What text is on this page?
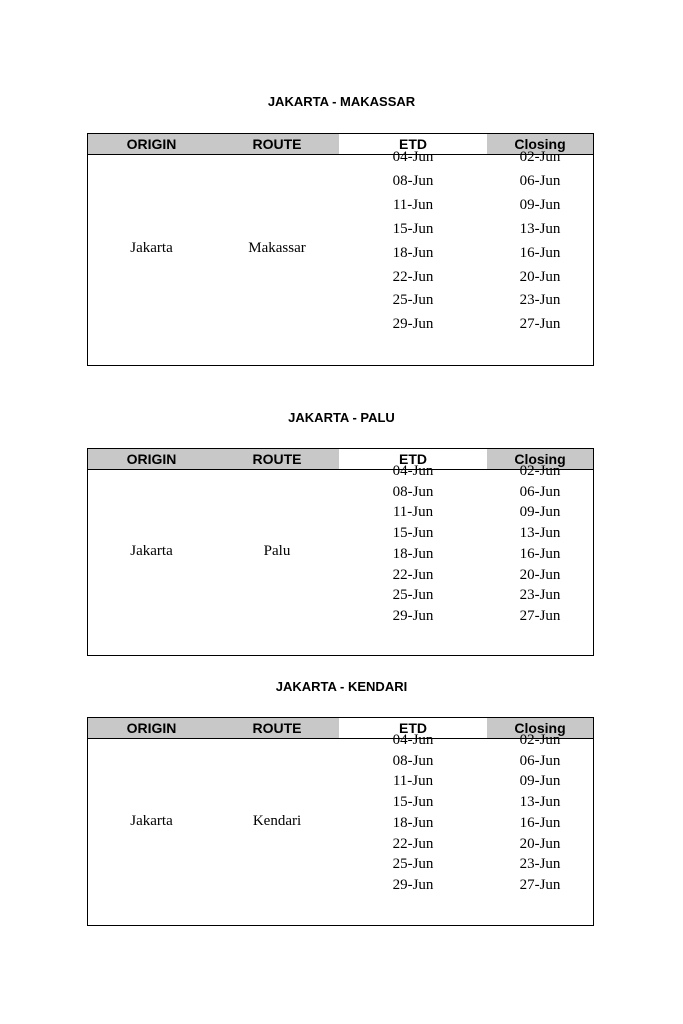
JAKARTA - MAKASSAR
ORIGIN	ROUTE	ETD	Closing
Jakarta	Makassar
04-Jun	02-Jun
08-Jun	06-Jun
11-Jun	09-Jun
15-Jun	13-Jun
18-Jun	16-Jun
22-Jun	20-Jun
25-Jun	23-Jun
29-Jun	27-Jun
JAKARTA - PALU
ORIGIN	ROUTE	ETD	Closing
Jakarta	Palu
04-Jun	02-Jun
08-Jun	06-Jun
11-Jun	09-Jun
15-Jun	13-Jun
18-Jun	16-Jun
22-Jun	20-Jun
25-Jun	23-Jun
29-Jun	27-Jun
JAKARTA - KENDARI
ORIGIN	ROUTE	ETD	Closing
Jakarta	Kendari
04-Jun	02-Jun
08-Jun	06-Jun
11-Jun	09-Jun
15-Jun	13-Jun
18-Jun	16-Jun
22-Jun	20-Jun
25-Jun	23-Jun
29-Jun	27-Jun
